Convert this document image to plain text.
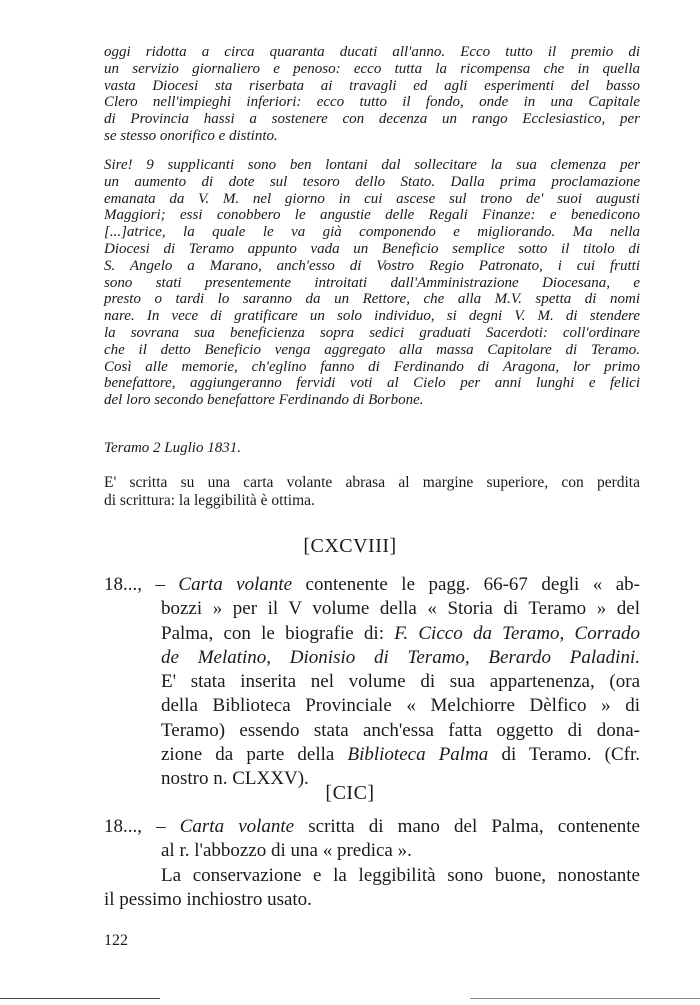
oggi ridotta a circa quaranta ducati all'anno. Ecco tutto il premio di
un servizio giornaliero e penoso: ecco tutta la ricompensa che in quella
vasta Diocesi sta riserbata ai travagli ed agli esperimenti del basso
Clero nell'impieghi inferiori: ecco tutto il fondo, onde in una Capitale
di Provincia hassi a sostenere con decenza un rango Ecclesiastico, per
se stesso onorifico e distinto.
Sire! 9 supplicanti sono ben lontani dal sollecitare la sua clemenza per
un aumento di dote sul tesoro dello Stato. Dalla prima proclamazione
emanata da V. M. nel giorno in cui ascese sul trono de' suoi augusti
Maggiori; essi conobbero le angustie delle Regali Finanze: e benedicono
[...]atrice, la quale le va già componendo e migliorando. Ma nella
Diocesi di Teramo appunto vada un Beneficio semplice sotto il titolo di
S. Angelo a Marano, anch'esso di Vostro Regio Patronato, i cui frutti
sono stati presentemente introitati dall'Amministrazione Diocesana, e
presto o tardi lo saranno da un Rettore, che alla M.V. spetta di nomi
nare. In vece di gratificare un solo individuo, si degni V. M. di stendere
la sovrana sua beneficienza sopra sedici graduati Sacerdoti: coll'ordinare
che il detto Beneficio venga aggregato alla massa Capitolare di Teramo.
Così alle memorie, ch'eglino fanno di Ferdinando di Aragona, lor primo
benefattore, aggiungeranno fervidi voti al Cielo per anni lunghi e felici
del loro secondo benefattore Ferdinando di Borbone.
Teramo 2 Luglio 1831.
E' scritta su una carta volante abrasa al margine superiore, con perdita
di scrittura: la leggibilità è ottima.
[CXCVIII]
18..., – Carta volante contenente le pagg. 66-67 degli « ab-
bozzi » per il V volume della « Storia di Teramo » del
Palma, con le biografie di: F. Cicco da Teramo, Corrado
de Melatino, Dionisio di Teramo, Berardo Paladini.
E' stata inserita nel volume di sua appartenenza, (ora
della Biblioteca Provinciale « Melchiorre Dèlfico » di
Teramo) essendo stata anch'essa fatta oggetto di dona-
zione da parte della Biblioteca Palma di Teramo. (Cfr.
nostro n. CLXXV).
[CIC]
18..., – Carta volante scritta di mano del Palma, contenente
al r. l'abbozzo di una « predica ».
La conservazione e la leggibilità sono buone, nonostante
il pessimo inchiostro usato.
122
